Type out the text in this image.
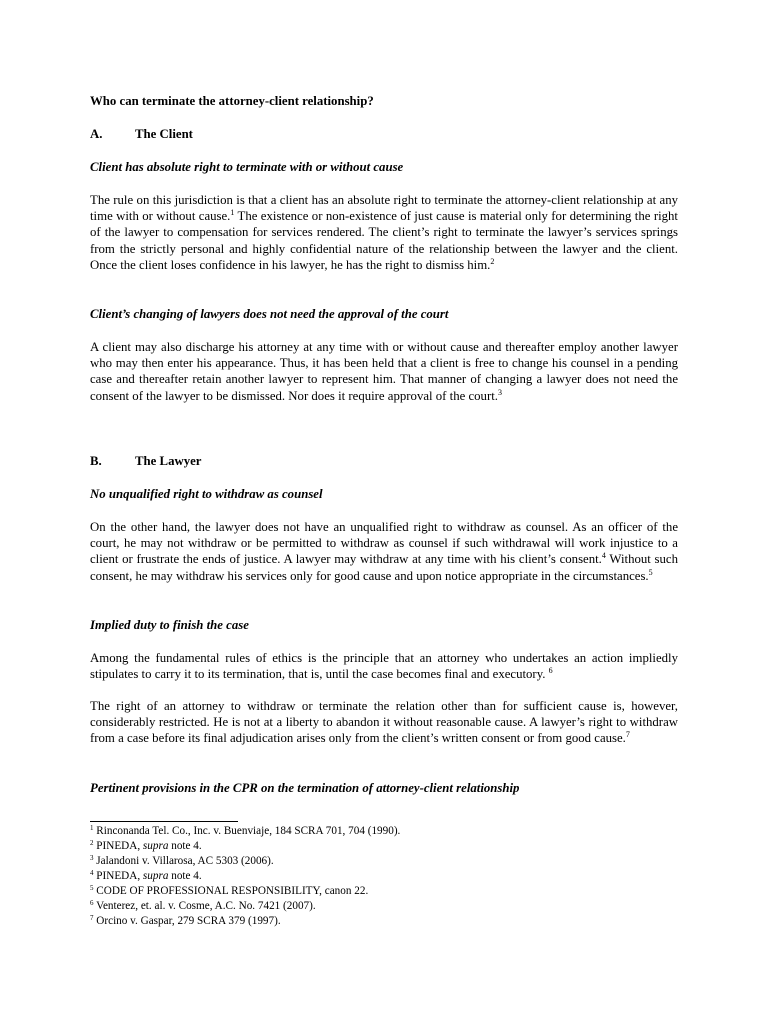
Who can terminate the attorney-client relationship?
A.	The Client
Client has absolute right to terminate with or without cause

The rule on this jurisdiction is that a client has an absolute right to terminate the attorney-client relationship at any time with or without cause.$^1$ The existence or non-existence of just cause is material only for determining the right of the lawyer to compensation for services rendered. The client’s right to terminate the lawyer’s services springs from the strictly personal and highly confidential nature of the relationship between the lawyer and the client. Once the client loses confidence in his lawyer, he has the right to dismiss him.$^2$

Client’s changing of lawyers does not need the approval of the court

A client may also discharge his attorney at any time with or without cause and thereafter employ another lawyer who may then enter his appearance. Thus, it has been held that a client is free to change his counsel in a pending case and thereafter retain another lawyer to represent him. That manner of changing a lawyer does not need the consent of the lawyer to be dismissed. Nor does it require approval of the court.$^3$

B.	The Lawyer
No unqualified right to withdraw as counsel

On the other hand, the lawyer does not have an unqualified right to withdraw as counsel. As an officer of the court, he may not withdraw or be permitted to withdraw as counsel if such withdrawal will work injustice to a client or frustrate the ends of justice. A lawyer may withdraw at any time with his client’s consent.$^4$ Without such consent, he may withdraw his services only for good cause and upon notice appropriate in the circumstances.$^5$

Implied duty to finish the case

Among the fundamental rules of ethics is the principle that an attorney who undertakes an action impliedly stipulates to carry it to its termination, that is, until the case becomes final and executory. $^6$

The right of an attorney to withdraw or terminate the relation other than for sufficient cause is, however, considerably restricted. He is not at a liberty to abandon it without reasonable cause. A lawyer’s right to withdraw from a case before its final adjudication arises only from the client’s written consent or from good cause.$^7$

Pertinent provisions in the CPR on the termination of attorney-client relationship
$^1$ Rinconanda Tel. Co., Inc. v. Buenviaje, 184 SCRA 701, 704 (1990).
$^2$ PINEDA, supra note 4.
$^3$ Jalandoni v. Villarosa, AC 5303 (2006).
$^4$ PINEDA, supra note 4.
$^5$ CODE OF PROFESSIONAL RESPONSIBILITY, canon 22.
$^6$ Venterez, et. al. v. Cosme, A.C. No. 7421 (2007).
$^7$ Orcino v. Gaspar, 279 SCRA 379 (1997).
